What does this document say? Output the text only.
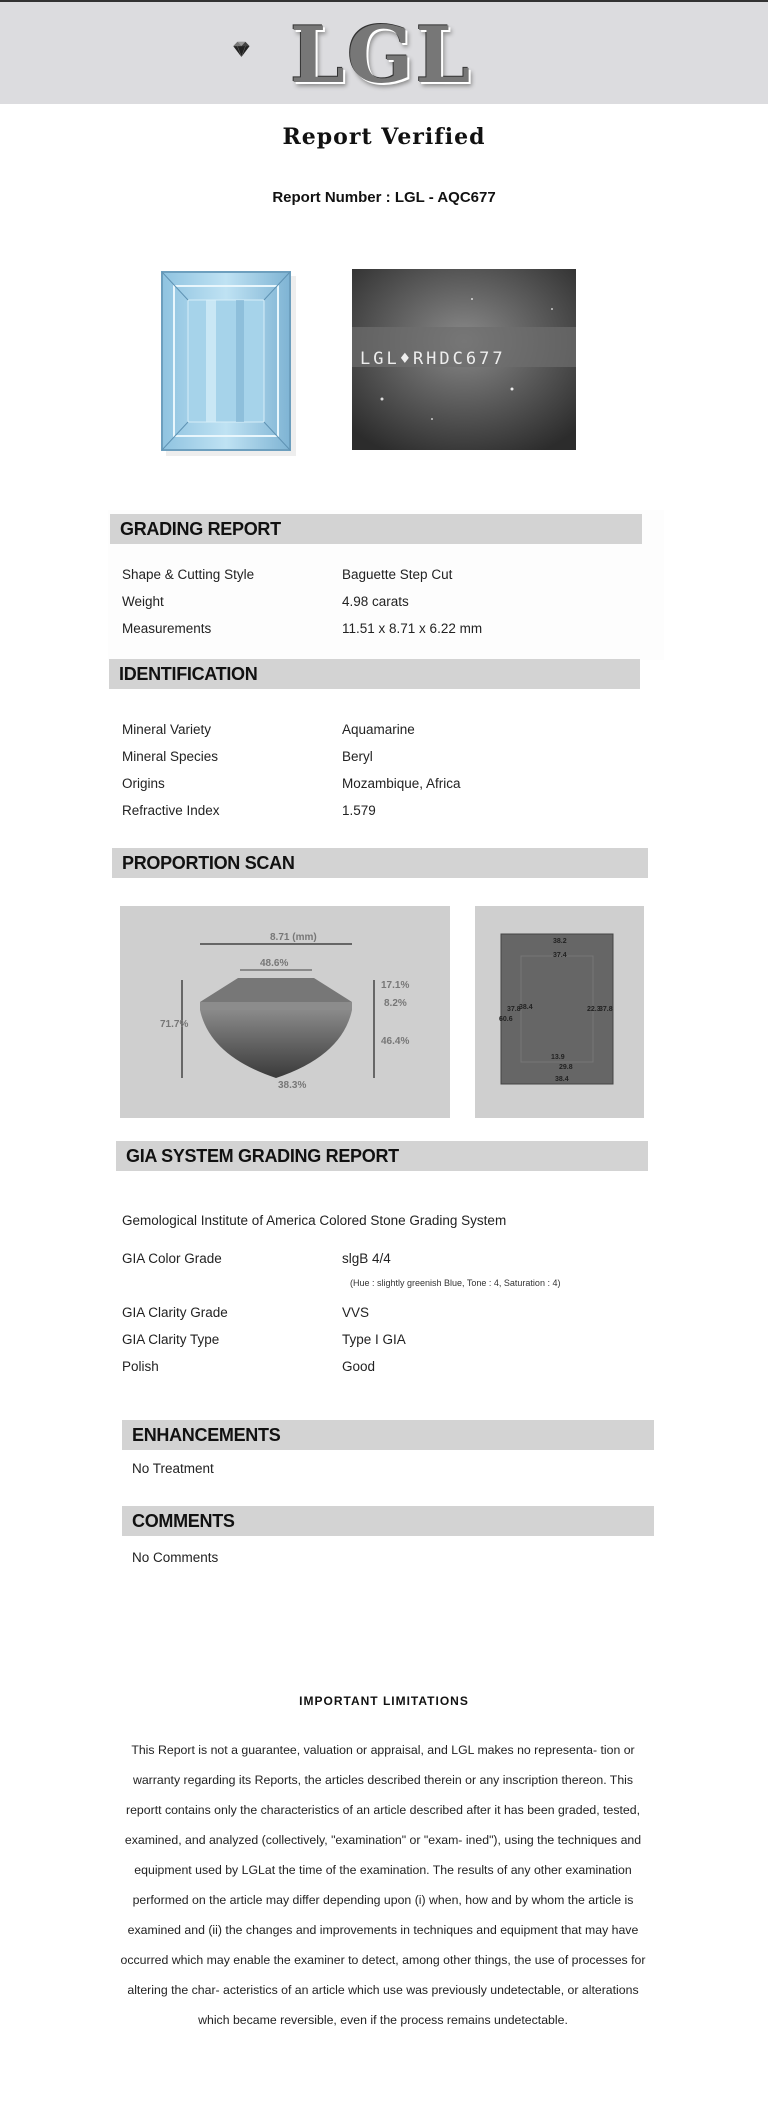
LGL
Report Verified
Report Number : LGL - AQC677
LGL♦RHDC677
GRADING REPORT
Shape & Cutting Style	Baguette Step Cut
Weight	4.98 carats
Measurements	11.51 x 8.71 x 6.22 mm
IDENTIFICATION
Mineral Variety	Aquamarine
Mineral Species	Beryl
Origins	Mozambique, Africa
Refractive Index	1.579
PROPORTION SCAN
8.71 (mm)
48.6%
71.7%
17.1%
8.2%
46.4%
38.3%
38.2
37.4
37.8
38.4
60.6
22.3
37.8
13.9
29.8
38.4
GIA SYSTEM GRADING REPORT
Gemological Institute of America Colored Stone Grading System
GIA Color Grade	slgB 4/4
(Hue : slightly greenish Blue, Tone : 4, Saturation : 4)
GIA Clarity Grade	VVS
GIA Clarity Type	Type I GIA
Polish	Good
ENHANCEMENTS
No Treatment
COMMENTS
No Comments
IMPORTANT LIMITATIONS
This Report is not a guarantee, valuation or appraisal, and LGL makes no representa- tion or warranty regarding its Reports, the articles described therein or any inscription thereon. This reportt contains only the characteristics of an article described after it has been graded, tested, examined, and analyzed (collectively, "examination" or "exam- ined"), using the techniques and equipment used by LGLat the time of the examination. The results of any other examination performed on the article may differ depending upon (i) when, how and by whom the article is examined and (ii) the changes and improvements in techniques and equipment that may have occurred which may enable the examiner to detect, among other things, the use of processes for altering the char- acteristics of an article which use was previously undetectable, or alterations which became reversible, even if the process remains undetectable.
